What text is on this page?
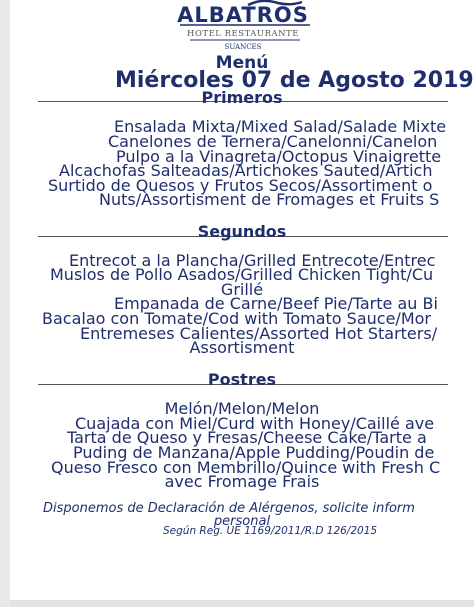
ALBATROS
HOTEL RESTAURANTE
SUANCES
Menú
Miércoles 07 de Agosto 2019
Primeros
Ensalada Mixta/Mixed Salad/Salade Mixte
Canelones de Ternera/Canelonni/Canelon
Pulpo a la Vinagreta/Octopus Vinaigrette
Alcachofas Salteadas/Artichokes Sauted/Artich
Surtido de Quesos y Frutos Secos/Assortiment o
Nuts/Assortisment de Fromages et Fruits S
Segundos
Entrecot a la Plancha/Grilled Entrecote/Entrec
Muslos de Pollo Asados/Grilled Chicken Tight/Cu
Grillé
Empanada de Carne/Beef Pie/Tarte au Bi
Bacalao con Tomate/Cod with Tomato Sauce/Mor
Entremeses Calientes/Assorted Hot Starters/
Assortisment
Postres
Melón/Melon/Melon
Cuajada con Miel/Curd with Honey/Caillé ave
Tarta de Queso y Fresas/Cheese Cake/Tarte a
Puding de Manzana/Apple Pudding/Poudin de
Queso Fresco con Membrillo/Quince with Fresh C
avec Fromage Frais
Disponemos de Declaración de Alérgenos, solicite inform
personal
Según Reg. UE 1169/2011/R.D 126/2015
